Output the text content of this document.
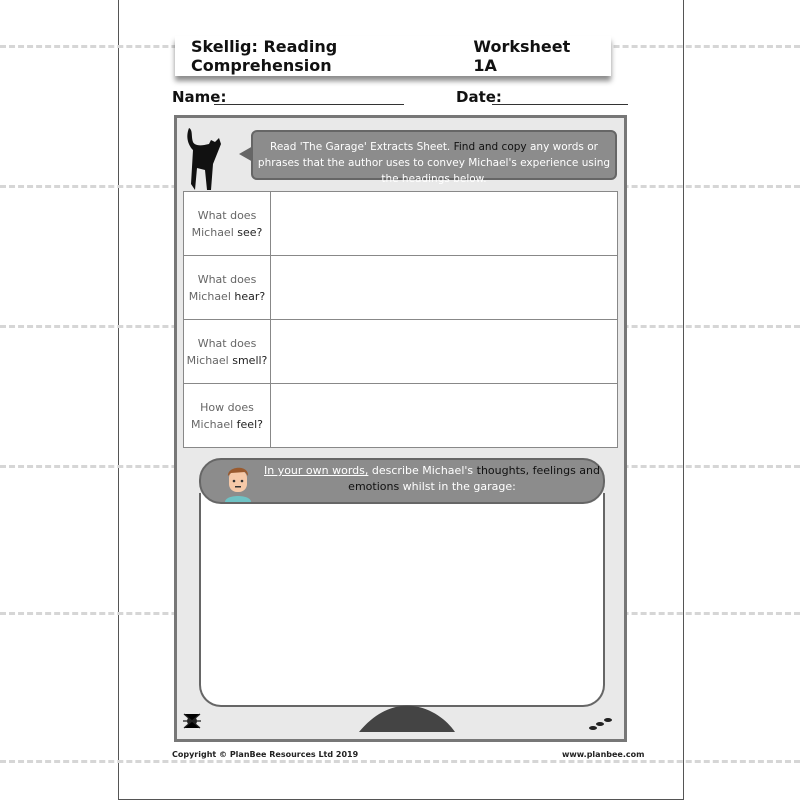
Skellig: Reading Comprehension
Worksheet 1A
Name:	Date:
Read 'The Garage' Extracts Sheet. Find and copy any words or phrases that the author uses to convey Michael's experience using the headings below.
What does
Michael see?	
What does
Michael hear?	
What does
Michael smell?	
How does
Michael feel?	
In your own words, describe Michael's thoughts, feelings and emotions whilst in the garage:
Copyright © PlanBee Resources Ltd 2019	www.planbee.com
